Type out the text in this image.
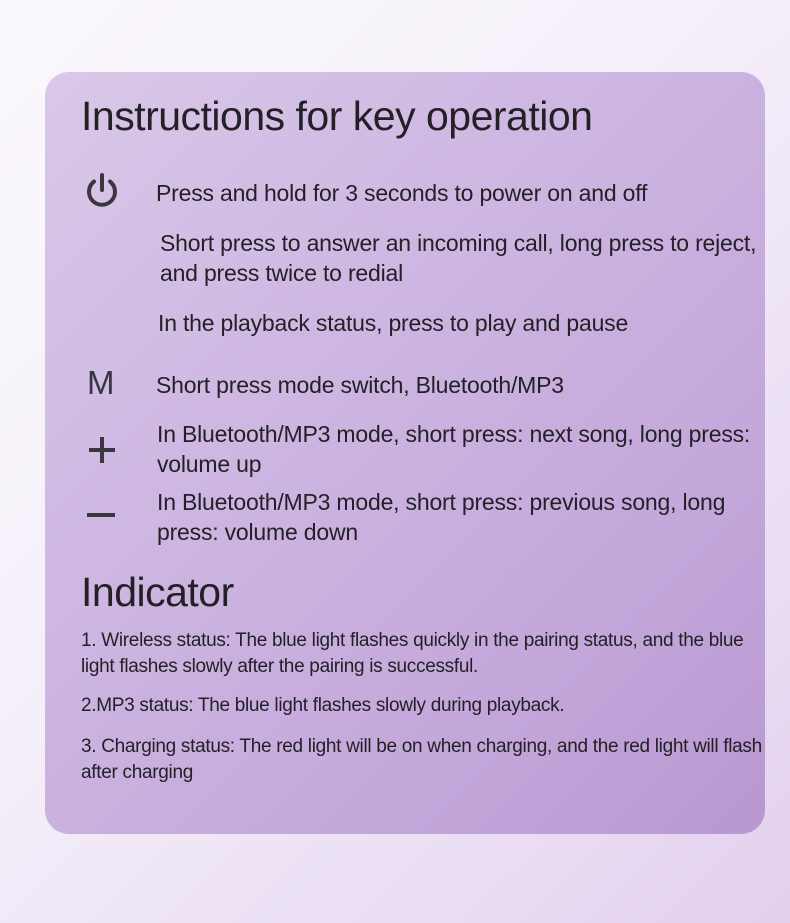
Instructions for key operation

Press and hold for 3 seconds to power on and off

Short press to answer an incoming call, long press to reject, and press twice to redial

In the playback status, press to play and pause

M Short press mode switch, Bluetooth/MP3

In Bluetooth/MP3 mode, short press: next song, long press: volume up

In Bluetooth/MP3 mode, short press: previous song, long press: volume down

Indicator

1. Wireless status: The blue light flashes quickly in the pairing status, and the blue light flashes slowly after the pairing is successful.

2.MP3 status: The blue light flashes slowly during playback.

3. Charging status: The red light will be on when charging, and the red light will flash after charging
